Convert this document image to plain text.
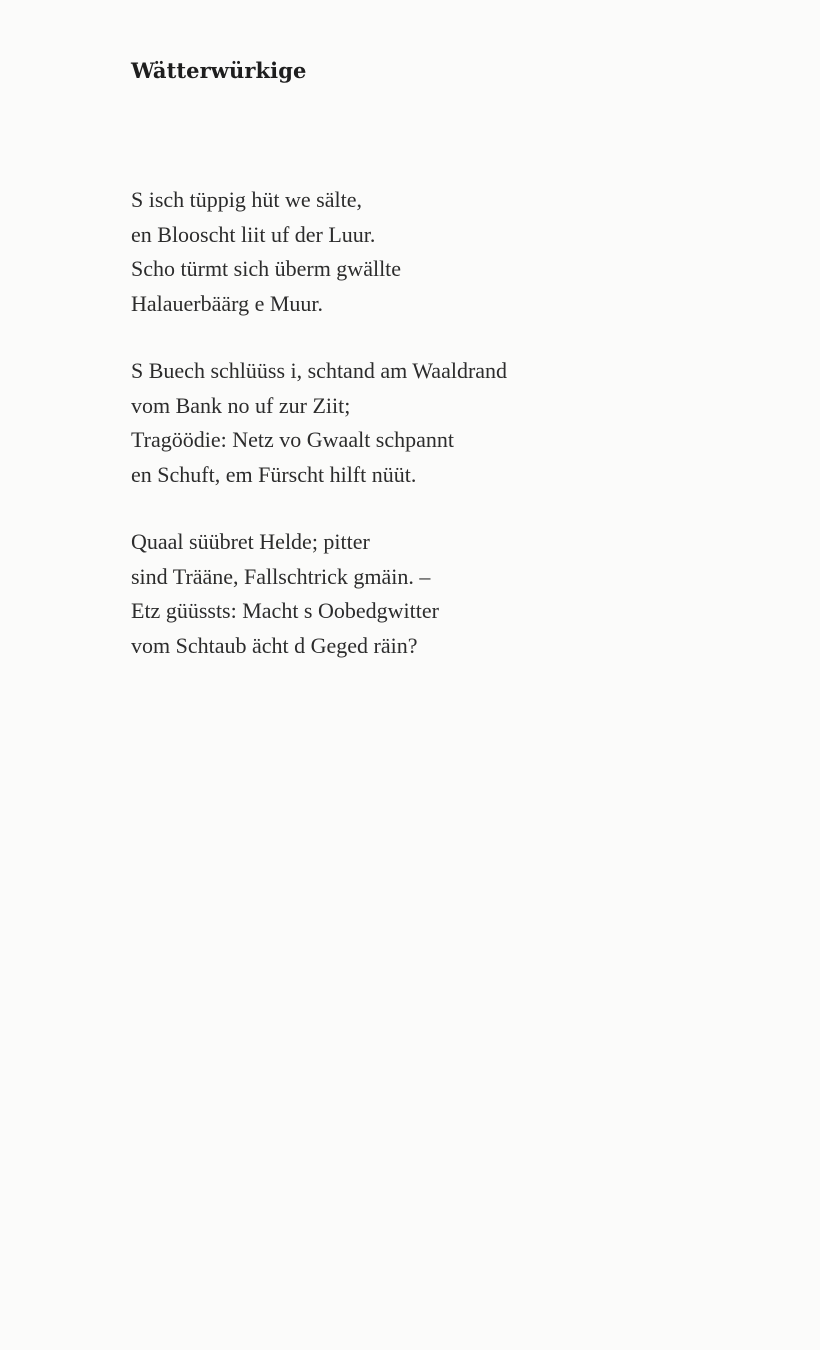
Wätterwürkige

S isch tüppig hüt we sälte,
en Blooscht liit uf der Luur.
Scho türmt sich überm gwällte
Halauerbäärg e Muur.

S Buech schlüüss i, schtand am Waaldrand
vom Bank no uf zur Ziit;
Tragöödie: Netz vo Gwaalt schpannt
en Schuft, em Fürscht hilft nüüt.

Quaal süübret Helde; pitter
sind Trääne, Fallschtrick gmäin. –
Etz güüssts: Macht s Oobedgwitter
vom Schtaub ächt d Geged räin?
